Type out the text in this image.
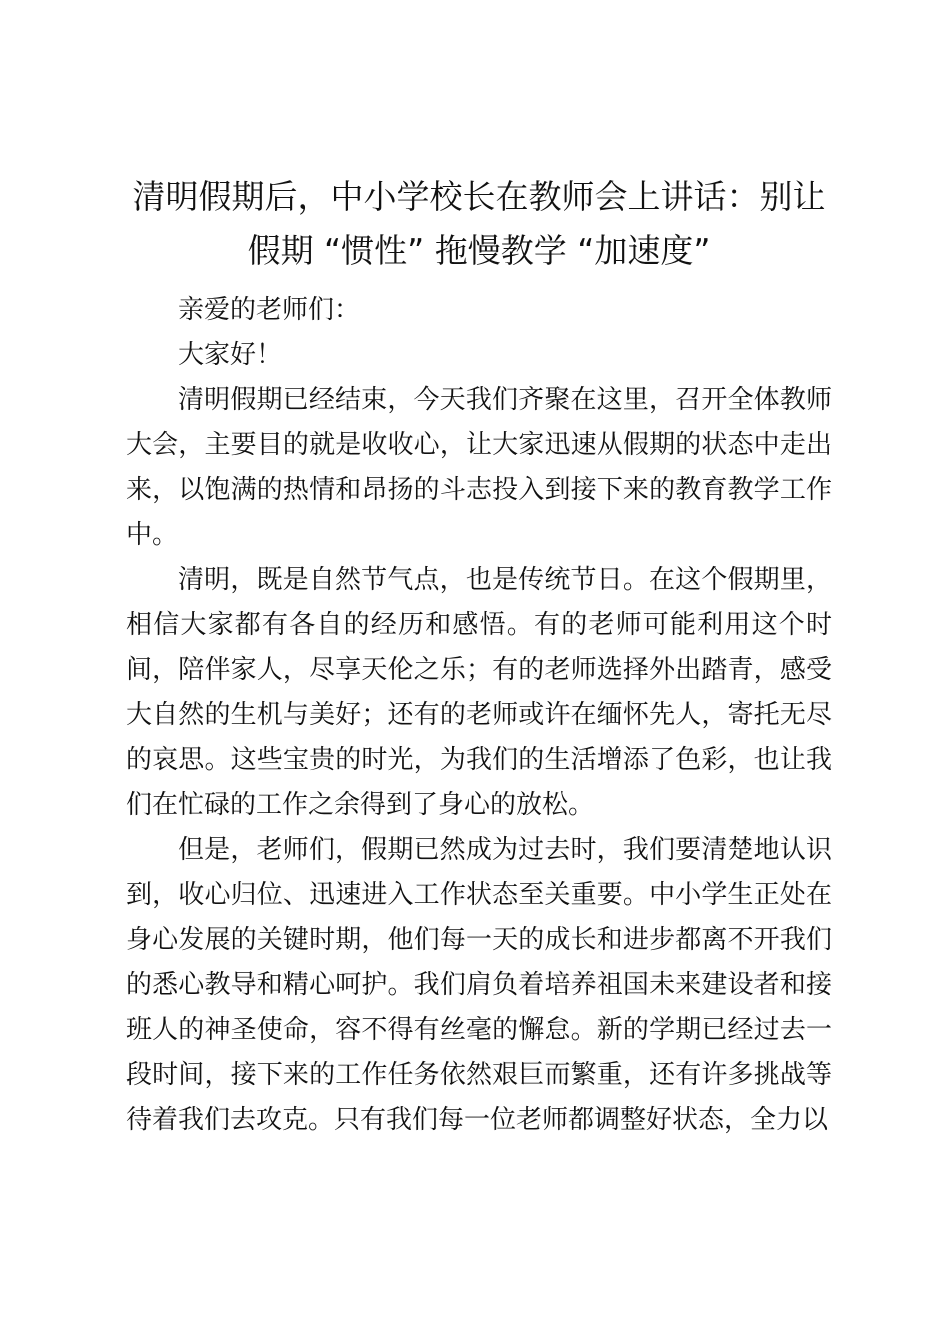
清明假期后，中小学校长在教师会上讲话：别让假期 “惯性” 拖慢教学 “加速度”

亲爱的老师们：

大家好！

清明假期已经结束，今天我们齐聚在这里，召开全体教师大会，主要目的就是收收心，让大家迅速从假期的状态中走出来，以饱满的热情和昂扬的斗志投入到接下来的教育教学工作中。

清明，既是自然节气点，也是传统节日。在这个假期里，相信大家都有各自的经历和感悟。有的老师可能利用这个时间，陪伴家人，尽享天伦之乐；有的老师选择外出踏青，感受大自然的生机与美好；还有的老师或许在缅怀先人，寄托无尽的哀思。这些宝贵的时光，为我们的生活增添了色彩，也让我们在忙碌的工作之余得到了身心的放松。

但是，老师们，假期已然成为过去时，我们要清楚地认识到，收心归位、迅速进入工作状态至关重要。中小学生正处在身心发展的关键时期，他们每一天的成长和进步都离不开我们的悉心教导和精心呵护。我们肩负着培养祖国未来建设者和接班人的神圣使命，容不得有丝毫的懈怠。新的学期已经过去一段时间，接下来的工作任务依然艰巨而繁重，还有许多挑战等待着我们去攻克。只有我们每一位老师都调整好状态，全力以
